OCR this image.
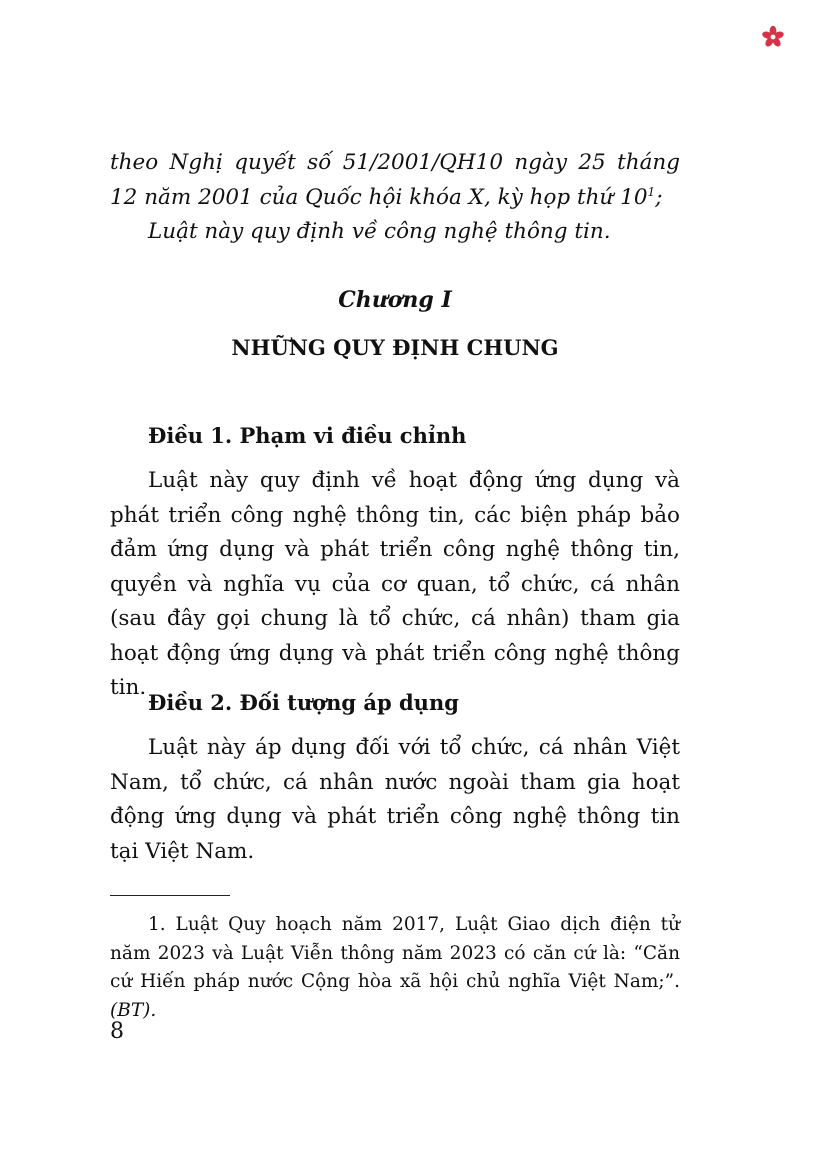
theo Nghị quyết số 51/2001/QH10 ngày 25 tháng 12 năm 2001 của Quốc hội khóa X, kỳ họp thứ $10^1$;

Luật này quy định về công nghệ thông tin.

Chương I

NHỮNG QUY ĐỊNH CHUNG

Điều 1. Phạm vi điều chỉnh

Luật này quy định về hoạt động ứng dụng và phát triển công nghệ thông tin, các biện pháp bảo đảm ứng dụng và phát triển công nghệ thông tin, quyền và nghĩa vụ của cơ quan, tổ chức, cá nhân (sau đây gọi chung là tổ chức, cá nhân) tham gia hoạt động ứng dụng và phát triển công nghệ thông tin.

Điều 2. Đối tượng áp dụng

Luật này áp dụng đối với tổ chức, cá nhân Việt Nam, tổ chức, cá nhân nước ngoài tham gia hoạt động ứng dụng và phát triển công nghệ thông tin tại Việt Nam.

1. Luật Quy hoạch năm 2017, Luật Giao dịch điện tử năm 2023 và Luật Viễn thông năm 2023 có căn cứ là: “Căn cứ Hiến pháp nước Cộng hòa xã hội chủ nghĩa Việt Nam;”. (BT).

8
